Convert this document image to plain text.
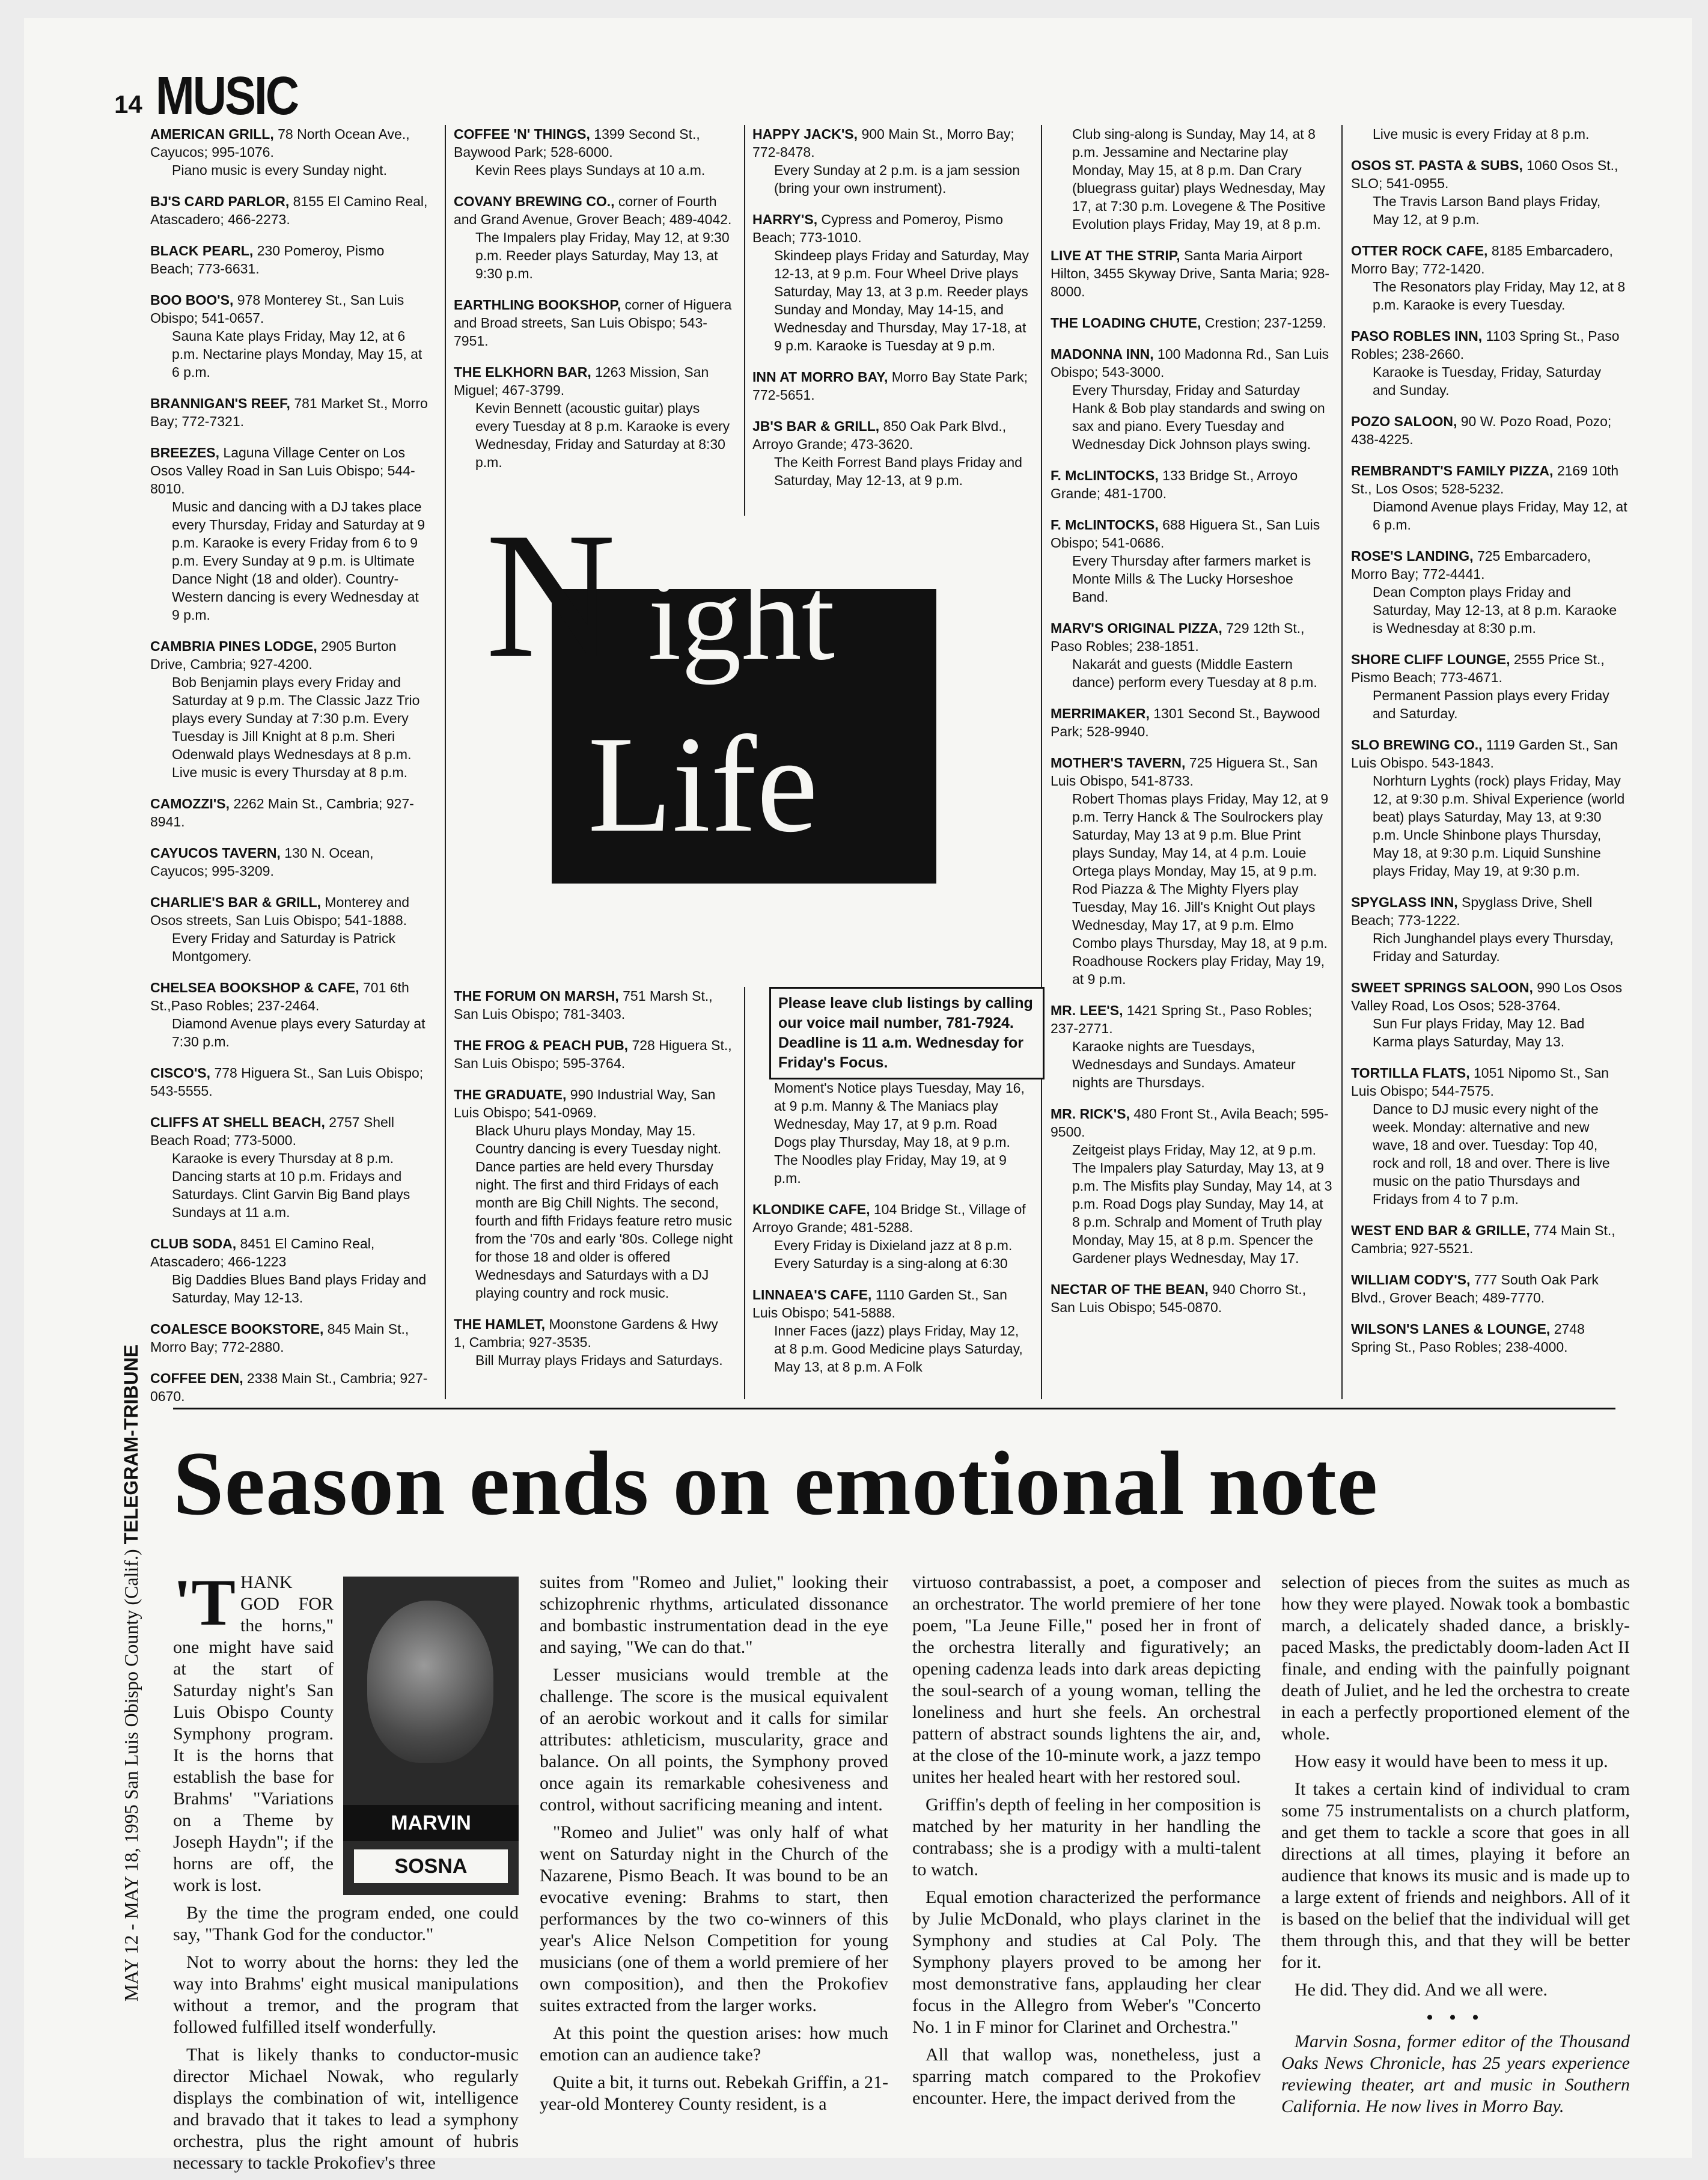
14 MUSIC
AMERICAN GRILL, 78 North Ocean Ave., Cayucos; 995-1076.
Piano music is every Sunday night.
BJ'S CARD PARLOR, 8155 El Camino Real, Atascadero; 466-2273.
BLACK PEARL, 230 Pomeroy, Pismo Beach; 773-6631.
BOO BOO'S, 978 Monterey St., San Luis Obispo; 541-0657.
Sauna Kate plays Friday, May 12, at 6 p.m. Nectarine plays Monday, May 15, at 6 p.m.
BRANNIGAN'S REEF, 781 Market St., Morro Bay; 772-7321.
BREEZES, Laguna Village Center on Los Osos Valley Road in San Luis Obispo; 544-8010.
Music and dancing with a DJ takes place every Thursday, Friday and Saturday at 9 p.m. Karaoke is every Friday from 6 to 9 p.m. Every Sunday at 9 p.m. is Ultimate Dance Night (18 and older). Country-Western dancing is every Wednesday at 9 p.m.
CAMBRIA PINES LODGE, 2905 Burton Drive, Cambria; 927-4200.
Bob Benjamin plays every Friday and Saturday at 9 p.m. The Classic Jazz Trio plays every Sunday at 7:30 p.m. Every Tuesday is Jill Knight at 8 p.m. Sheri Odenwald plays Wednesdays at 8 p.m. Live music is every Thursday at 8 p.m.
CAMOZZI'S, 2262 Main St., Cambria; 927-8941.
CAYUCOS TAVERN, 130 N. Ocean, Cayucos; 995-3209.
CHARLIE'S BAR & GRILL, Monterey and Osos streets, San Luis Obispo; 541-1888.
Every Friday and Saturday is Patrick Montgomery.
CHELSEA BOOKSHOP & CAFE, 701 6th St.,Paso Robles; 237-2464.
Diamond Avenue plays every Saturday at 7:30 p.m.
CISCO'S, 778 Higuera St., San Luis Obispo; 543-5555.
CLIFFS AT SHELL BEACH, 2757 Shell Beach Road; 773-5000.
Karaoke is every Thursday at 8 p.m. Dancing starts at 10 p.m. Fridays and Saturdays. Clint Garvin Big Band plays Sundays at 11 a.m.
CLUB SODA, 8451 El Camino Real, Atascadero; 466-1223
Big Daddies Blues Band plays Friday and Saturday, May 12-13.
COALESCE BOOKSTORE, 845 Main St., Morro Bay; 772-2880.
COFFEE DEN, 2338 Main St., Cambria; 927-0670.
COFFEE 'N' THINGS, 1399 Second St., Baywood Park; 528-6000.
Kevin Rees plays Sundays at 10 a.m.
COVANY BREWING CO., corner of Fourth and Grand Avenue, Grover Beach; 489-4042.
The Impalers play Friday, May 12, at 9:30 p.m. Reeder plays Saturday, May 13, at 9:30 p.m.
EARTHLING BOOKSHOP, corner of Higuera and Broad streets, San Luis Obispo; 543-7951.
THE ELKHORN BAR, 1263 Mission, San Miguel; 467-3799.
Kevin Bennett (acoustic guitar) plays every Tuesday at 8 p.m. Karaoke is every Wednesday, Friday and Saturday at 8:30 p.m.
HAPPY JACK'S, 900 Main St., Morro Bay; 772-8478.
Every Sunday at 2 p.m. is a jam session (bring your own instrument).
HARRY'S, Cypress and Pomeroy, Pismo Beach; 773-1010.
Skindeep plays Friday and Saturday, May 12-13, at 9 p.m. Four Wheel Drive plays Saturday, May 13, at 3 p.m. Reeder plays Sunday and Monday, May 14-15, and Wednesday and Thursday, May 17-18, at 9 p.m. Karaoke is Tuesday at 9 p.m.
INN AT MORRO BAY, Morro Bay State Park; 772-5651.
JB'S BAR & GRILL, 850 Oak Park Blvd., Arroyo Grande; 473-3620.
The Keith Forrest Band plays Friday and Saturday, May 12-13, at 9 p.m.
N ight
Life
THE FORUM ON MARSH, 751 Marsh St., San Luis Obispo; 781-3403.
THE FROG & PEACH PUB, 728 Higuera St., San Luis Obispo; 595-3764.
THE GRADUATE, 990 Industrial Way, San Luis Obispo; 541-0969.
Black Uhuru plays Monday, May 15. Country dancing is every Tuesday night. Dance parties are held every Thursday night. The first and third Fridays of each month are Big Chill Nights. The second, fourth and fifth Fridays feature retro music from the '70s and early '80s. College night for those 18 and older is offered Wednesdays and Saturdays with a DJ playing country and rock music.
THE HAMLET, Moonstone Gardens & Hwy 1, Cambria; 927-3535.
Bill Murray plays Fridays and Saturdays.
Please leave club listings by calling our voice mail number, 781-7924. Deadline is 11 a.m. Wednesday for Friday's Focus.
Moment's Notice plays Tuesday, May 16, at 9 p.m. Manny & The Maniacs play Wednesday, May 17, at 9 p.m. Road Dogs play Thursday, May 18, at 9 p.m. The Noodles play Friday, May 19, at 9 p.m.
KLONDIKE CAFE, 104 Bridge St., Village of Arroyo Grande; 481-5288.
Every Friday is Dixieland jazz at 8 p.m. Every Saturday is a sing-along at 6:30
LINNAEA'S CAFE, 1110 Garden St., San Luis Obispo; 541-5888.
Inner Faces (jazz) plays Friday, May 12, at 8 p.m. Good Medicine plays Saturday, May 13, at 8 p.m. A Folk
Club sing-along is Sunday, May 14, at 8 p.m. Jessamine and Nectarine play Monday, May 15, at 8 p.m. Dan Crary (bluegrass guitar) plays Wednesday, May 17, at 7:30 p.m. Lovegene & The Positive Evolution plays Friday, May 19, at 8 p.m.
LIVE AT THE STRIP, Santa Maria Airport Hilton, 3455 Skyway Drive, Santa Maria; 928-8000.
THE LOADING CHUTE, Crestion; 237-1259.
MADONNA INN, 100 Madonna Rd., San Luis Obispo; 543-3000.
Every Thursday, Friday and Saturday Hank & Bob play standards and swing on sax and piano. Every Tuesday and Wednesday Dick Johnson plays swing.
F. McLINTOCKS, 133 Bridge St., Arroyo Grande; 481-1700.
F. McLINTOCKS, 688 Higuera St., San Luis Obispo; 541-0686.
Every Thursday after farmers market is Monte Mills & The Lucky Horseshoe Band.
MARV'S ORIGINAL PIZZA, 729 12th St., Paso Robles; 238-1851.
Nakarát and guests (Middle Eastern dance) perform every Tuesday at 8 p.m.
MERRIMAKER, 1301 Second St., Baywood Park; 528-9940.
MOTHER'S TAVERN, 725 Higuera St., San Luis Obispo, 541-8733.
Robert Thomas plays Friday, May 12, at 9 p.m. Terry Hanck & The Soulrockers play Saturday, May 13 at 9 p.m. Blue Print plays Sunday, May 14, at 4 p.m. Louie Ortega plays Monday, May 15, at 9 p.m. Rod Piazza & The Mighty Flyers play Tuesday, May 16. Jill's Knight Out plays Wednesday, May 17, at 9 p.m. Elmo Combo plays Thursday, May 18, at 9 p.m. Roadhouse Rockers play Friday, May 19, at 9 p.m.
MR. LEE'S, 1421 Spring St., Paso Robles; 237-2771.
Karaoke nights are Tuesdays, Wednesdays and Sundays. Amateur nights are Thursdays.
MR. RICK'S, 480 Front St., Avila Beach; 595-9500.
Zeitgeist plays Friday, May 12, at 9 p.m. The Impalers play Saturday, May 13, at 9 p.m. The Misfits play Sunday, May 14, at 3 p.m. Road Dogs play Sunday, May 14, at 8 p.m. Schralp and Moment of Truth play Monday, May 15, at 8 p.m. Spencer the Gardener plays Wednesday, May 17.
NECTAR OF THE BEAN, 940 Chorro St., San Luis Obispo; 545-0870.
Live music is every Friday at 8 p.m.
OSOS ST. PASTA & SUBS, 1060 Osos St., SLO; 541-0955.
The Travis Larson Band plays Friday, May 12, at 9 p.m.
OTTER ROCK CAFE, 8185 Embarcadero, Morro Bay; 772-1420.
The Resonators play Friday, May 12, at 8 p.m. Karaoke is every Tuesday.
PASO ROBLES INN, 1103 Spring St., Paso Robles; 238-2660.
Karaoke is Tuesday, Friday, Saturday and Sunday.
POZO SALOON, 90 W. Pozo Road, Pozo; 438-4225.
REMBRANDT'S FAMILY PIZZA, 2169 10th St., Los Osos; 528-5232.
Diamond Avenue plays Friday, May 12, at 6 p.m.
ROSE'S LANDING, 725 Embarcadero, Morro Bay; 772-4441.
Dean Compton plays Friday and Saturday, May 12-13, at 8 p.m. Karaoke is Wednesday at 8:30 p.m.
SHORE CLIFF LOUNGE, 2555 Price St., Pismo Beach; 773-4671.
Permanent Passion plays every Friday and Saturday.
SLO BREWING CO., 1119 Garden St., San Luis Obispo. 543-1843.
Norhturn Lyghts (rock) plays Friday, May 12, at 9:30 p.m. Shival Experience (world beat) plays Saturday, May 13, at 9:30 p.m. Uncle Shinbone plays Thursday, May 18, at 9:30 p.m. Liquid Sunshine plays Friday, May 19, at 9:30 p.m.
SPYGLASS INN, Spyglass Drive, Shell Beach; 773-1222.
Rich Junghandel plays every Thursday, Friday and Saturday.
SWEET SPRINGS SALOON, 990 Los Osos Valley Road, Los Osos; 528-3764.
Sun Fur plays Friday, May 12. Bad Karma plays Saturday, May 13.
TORTILLA FLATS, 1051 Nipomo St., San Luis Obispo; 544-7575.
Dance to DJ music every night of the week. Monday: alternative and new wave, 18 and over. Tuesday: Top 40, rock and roll, 18 and over. There is live music on the patio Thursdays and Fridays from 4 to 7 p.m.
WEST END BAR & GRILLE, 774 Main St., Cambria; 927-5521.
WILLIAM CODY'S, 777 South Oak Park Blvd., Grover Beach; 489-7770.
WILSON'S LANES & LOUNGE, 2748 Spring St., Paso Robles; 238-4000.
MAY 12 - MAY 18, 1995 San Luis Obispo County (Calif.) TELEGRAM-TRIBUNE Season ends on emotional note

'T
MARVIN
SOSNA
HANK GOD FOR the horns," one might have said at the start of Saturday night's San Luis Obispo County Symphony program. It is the horns that establish the base for Brahms' "Variations on a Theme by Joseph Haydn"; if the horns are off, the work is lost.

By the time the program ended, one could say, "Thank God for the conductor."

Not to worry about the horns: they led the way into Brahms' eight musical manipulations without a tremor, and the program that followed fulfilled itself wonderfully.

That is likely thanks to conductor-music director Michael Nowak, who regularly displays the combination of wit, intelligence and bravado that it takes to lead a symphony orchestra, plus the right amount of hubris necessary to tackle Prokofiev's three

suites from "Romeo and Juliet," looking their schizophrenic rhythms, articulated dissonance and bombastic instrumentation dead in the eye and saying, "We can do that."

Lesser musicians would tremble at the challenge. The score is the musical equivalent of an aerobic workout and it calls for similar attributes: athleticism, muscularity, grace and balance. On all points, the Symphony proved once again its remarkable cohesiveness and control, without sacrificing meaning and intent.

"Romeo and Juliet" was only half of what went on Saturday night in the Church of the Nazarene, Pismo Beach. It was bound to be an evocative evening: Brahms to start, then performances by the two co-winners of this year's Alice Nelson Competition for young musicians (one of them a world premiere of her own composition), and then the Prokofiev suites extracted from the larger works.

At this point the question arises: how much emotion can an audience take?

Quite a bit, it turns out. Rebekah Griffin, a 21-year-old Monterey County resident, is a

virtuoso contrabassist, a poet, a composer and an orchestrator. The world premiere of her tone poem, "La Jeune Fille," posed her in front of the orchestra literally and figuratively; an opening cadenza leads into dark areas depicting the soul-search of a young woman, telling the loneliness and hurt she feels. An orchestral pattern of abstract sounds lightens the air, and, at the close of the 10-minute work, a jazz tempo unites her healed heart with her restored soul.

Griffin's depth of feeling in her composition is matched by her maturity in her handling the contrabass; she is a prodigy with a multi-talent to watch.

Equal emotion characterized the performance by Julie McDonald, who plays clarinet in the Symphony and studies at Cal Poly. The Symphony players proved to be among her most demonstrative fans, applauding her clear focus in the Allegro from Weber's "Concerto No. 1 in F minor for Clarinet and Orchestra."

All that wallop was, nonetheless, just a sparring match compared to the Prokofiev encounter. Here, the impact derived from the

selection of pieces from the suites as much as how they were played. Nowak took a bombastic march, a delicately shaded dance, a briskly-paced Masks, the predictably doom-laden Act II finale, and ending with the painfully poignant death of Juliet, and he led the orchestra to create in each a perfectly proportioned element of the whole.

How easy it would have been to mess it up.

It takes a certain kind of individual to cram some 75 instrumentalists on a church platform, and get them to tackle a score that goes in all directions at all times, playing it before an audience that knows its music and is made up to a large extent of friends and neighbors. All of it is based on the belief that the individual will get them through this, and that they will be better for it.

He did. They did. And we all were.

• • •

Marvin Sosna, former editor of the Thousand Oaks News Chronicle, has 25 years experience reviewing theater, art and music in Southern California. He now lives in Morro Bay.
